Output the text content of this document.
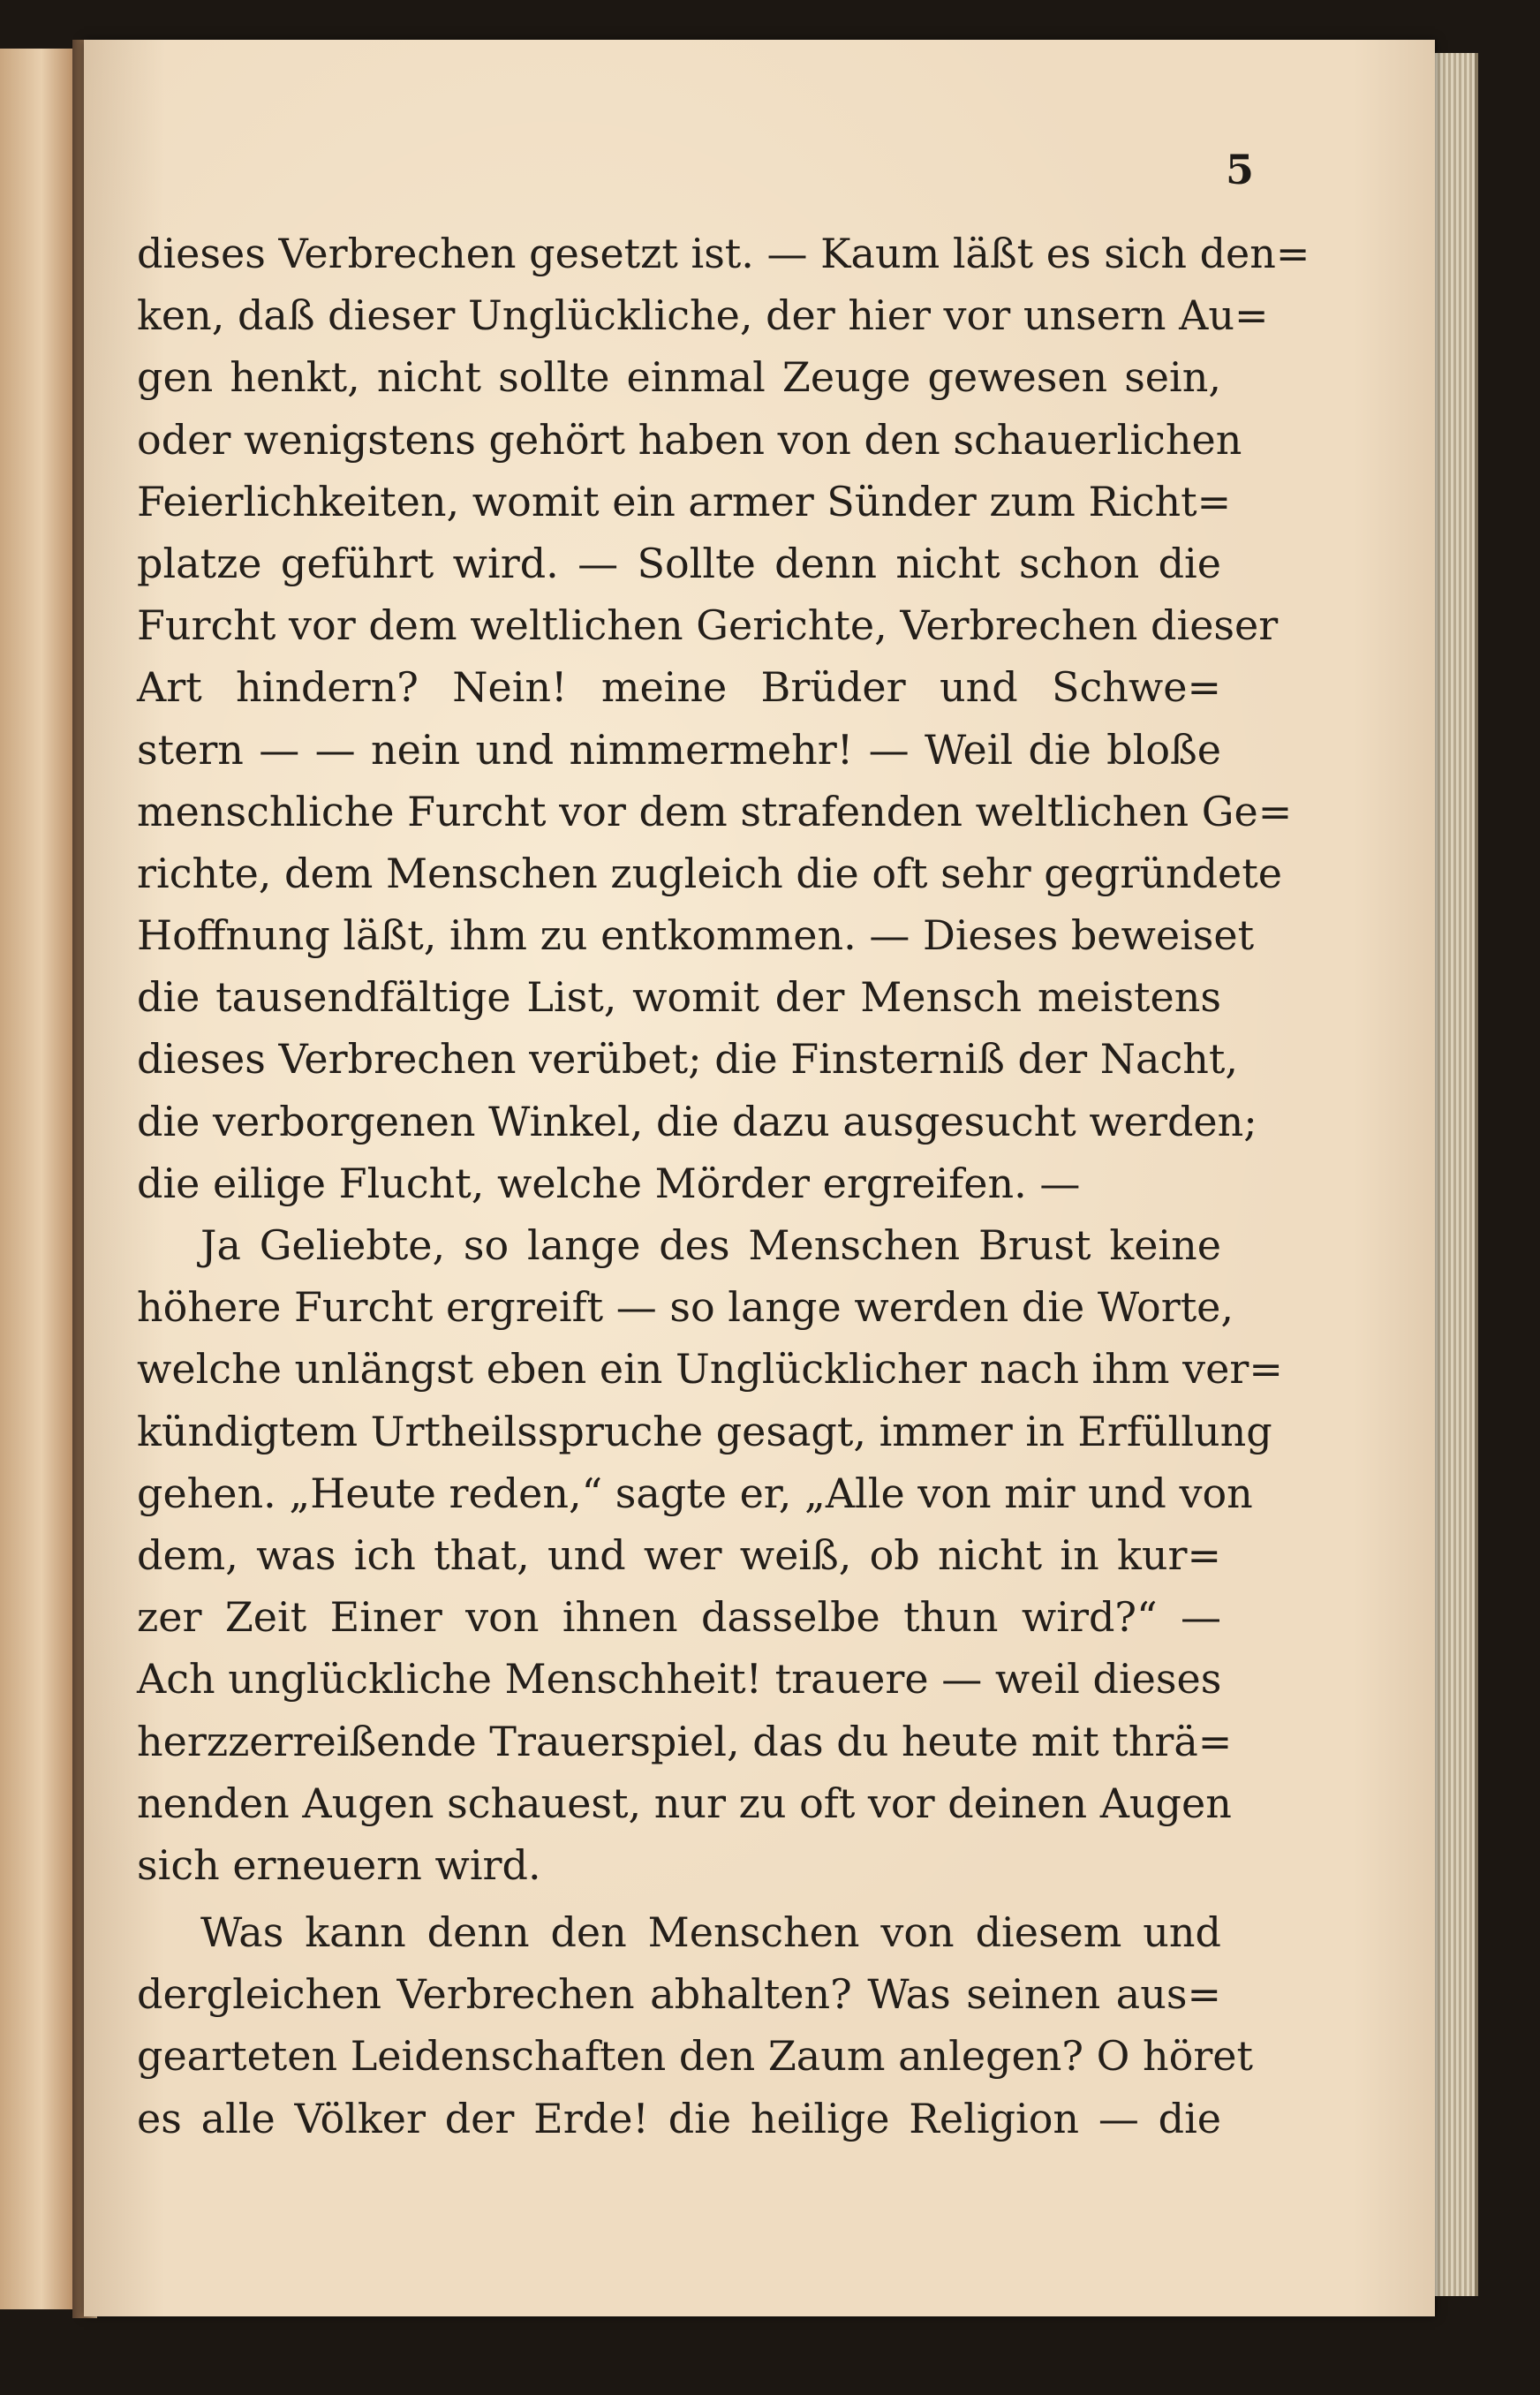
5
dieses Verbrechen gesetzt ist. — Kaum läßt es sich den=
ken, daß dieser Unglückliche, der hier vor unsern Au=
gen henkt, nicht sollte einmal Zeuge gewesen sein,
oder wenigstens gehört haben von den schauerlichen
Feierlichkeiten, womit ein armer Sünder zum Richt=
platze geführt wird. — Sollte denn nicht schon die
Furcht vor dem weltlichen Gerichte, Verbrechen dieser
Art hindern? Nein! meine Brüder und Schwe=
stern — — nein und nimmermehr! — Weil die bloße
menschliche Furcht vor dem strafenden weltlichen Ge=
richte, dem Menschen zugleich die oft sehr gegründete
Hoffnung läßt, ihm zu entkommen. — Dieses beweiset
die tausendfältige List, womit der Mensch meistens
dieses Verbrechen verübet; die Finsterniß der Nacht,
die verborgenen Winkel, die dazu ausgesucht werden;
die eilige Flucht, welche Mörder ergreifen. —
Ja Geliebte, so lange des Menschen Brust keine
höhere Furcht ergreift — so lange werden die Worte,
welche unlängst eben ein Unglücklicher nach ihm ver=
kündigtem Urtheilsspruche gesagt, immer in Erfüllung
gehen. „Heute reden,“ sagte er, „Alle von mir und von
dem, was ich that, und wer weiß, ob nicht in kur=
zer Zeit Einer von ihnen dasselbe thun wird?“ —
Ach unglückliche Menschheit! trauere — weil dieses
herzzerreißende Trauerspiel, das du heute mit thrä=
nenden Augen schauest, nur zu oft vor deinen Augen
sich erneuern wird.
Was kann denn den Menschen von diesem und
dergleichen Verbrechen abhalten? Was seinen aus=
gearteten Leidenschaften den Zaum anlegen? O höret
es alle Völker der Erde! die heilige Religion — die
